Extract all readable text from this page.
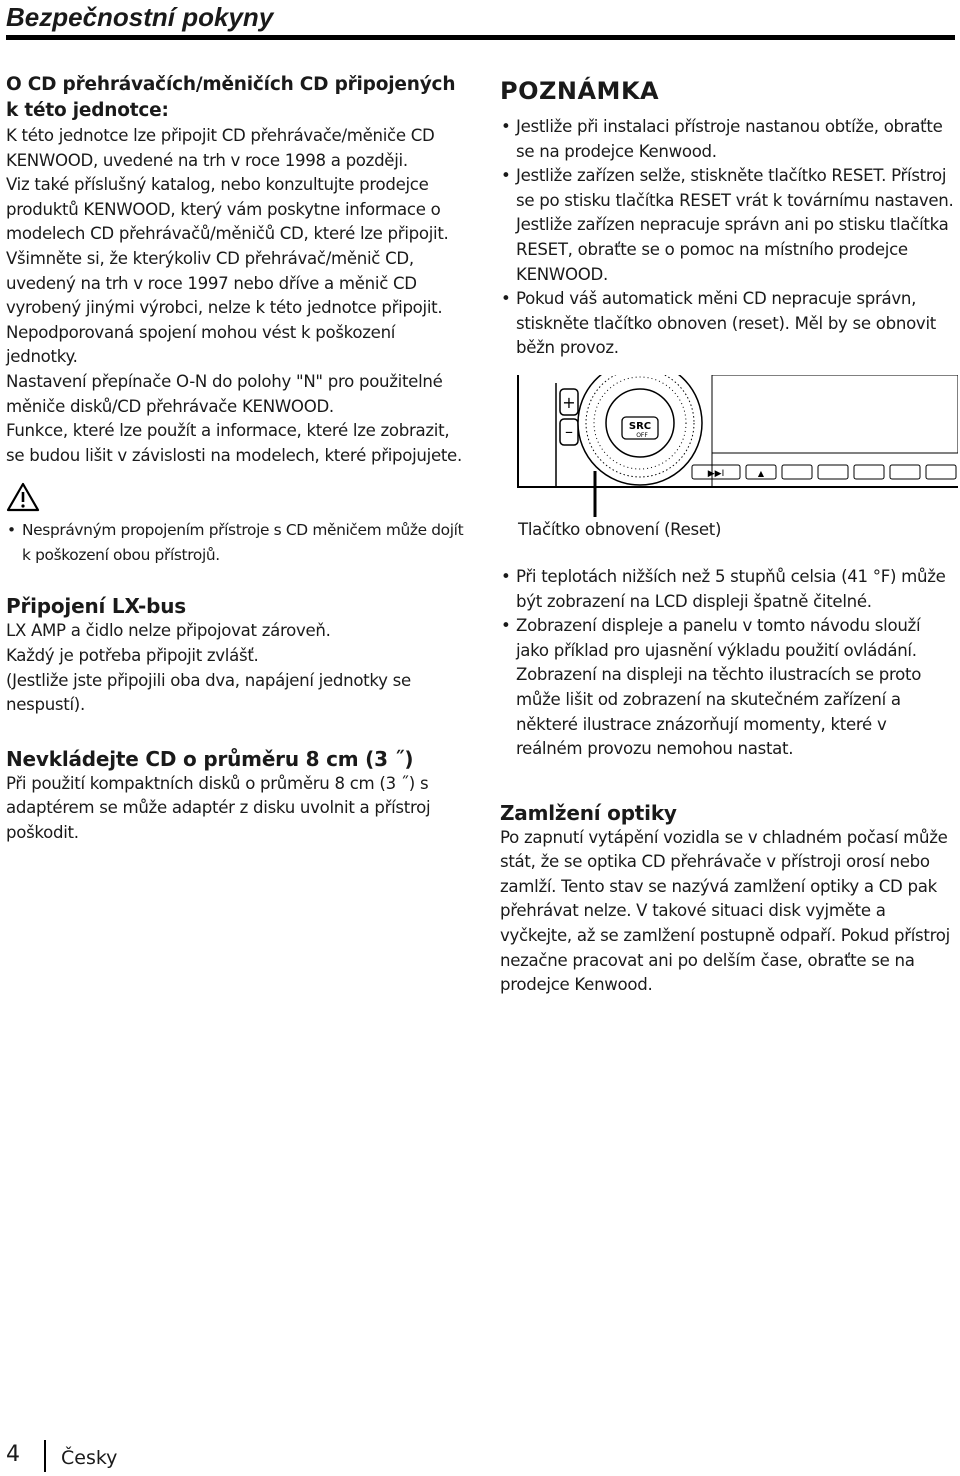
Bezpečnostní pokyny

O CD přehrávačích/měničích CD připojených k této jednotce:

K této jednotce lze připojit CD přehrávače/měniče CD KENWOOD, uvedené na trh v roce 1998 a později.

Viz také příslušný katalog, nebo konzultujte prodejce produktů KENWOOD, který vám poskytne informace o modelech CD přehrávačů/měničů CD, které lze připojit.

Všimněte si, že kterýkoliv CD přehrávač/měnič CD, uvedený na trh v roce 1997 nebo dříve a měnič CD vyrobený jinými výrobci, nelze k této jednotce připojit.

Nepodporovaná spojení mohou vést k poškození jednotky.

Nastavení přepínače O-N do polohy "N" pro použitelné měniče disků/CD přehrávače KENWOOD.

Funkce, které lze použít a informace, které lze zobrazit, se budou lišit v závislosti na modelech, které připojujete.

• Nesprávným propojením přístroje s CD měničem může dojít k poškození obou přístrojů.

Připojení LX-bus

LX AMP a čidlo nelze připojovat zároveň.

Každý je potřeba připojit zvlášť.

(Jestliže jste připojili oba dva, napájení jednotky se nespustí).

Nevkládejte CD o průměru 8 cm (3 ˝)

Při použití kompaktních disků o průměru 8 cm (3 ˝) s adaptérem se může adaptér z disku uvolnit a přístroj poškodit.

POZNÁMKA

• Jestliže při instalaci přístroje nastanou obtíže, obraťte se na prodejce Kenwood.
• Jestliže zařízen selže, stiskněte tlačítko RESET. Přístroj se po stisku tlačítka RESET vrát k továrnímu nastaven. Jestliže zařízen nepracuje správn ani po stisku tlačítka RESET, obraťte se o pomoc na místního prodejce KENWOOD.
• Pokud váš automatick měni CD nepracuje správn, stiskněte tlačítko obnoven (reset). Měl by se obnovit běžn provoz.
+
–	SRC
OFF
▶▶I	▲

Tlačítko obnovení (Reset)

• Při teplotách nižších než 5 stupňů celsia (41 °F) může být zobrazení na LCD displeji špatně čitelné.
• Zobrazení displeje a panelu v tomto návodu slouží jako příklad pro ujasnění výkladu použití ovládání. Zobrazení na displeji na těchto ilustracích se proto může lišit od zobrazení na skutečném zařízení a některé ilustrace znázorňují momenty, které v reálném provozu nemohou nastat.

Zamlžení optiky

Po zapnutí vytápění vozidla se v chladném počasí může stát, že se optika CD přehrávače v přístroji orosí nebo zamlží. Tento stav se nazývá zamlžení optiky a CD pak přehrávat nelze. V takové situaci disk vyjměte a vyčkejte, až se zamlžení postupně odpaří. Pokud přístroj nezačne pracovat ani po delším čase, obraťte se na prodejce Kenwood.

4 Česky
